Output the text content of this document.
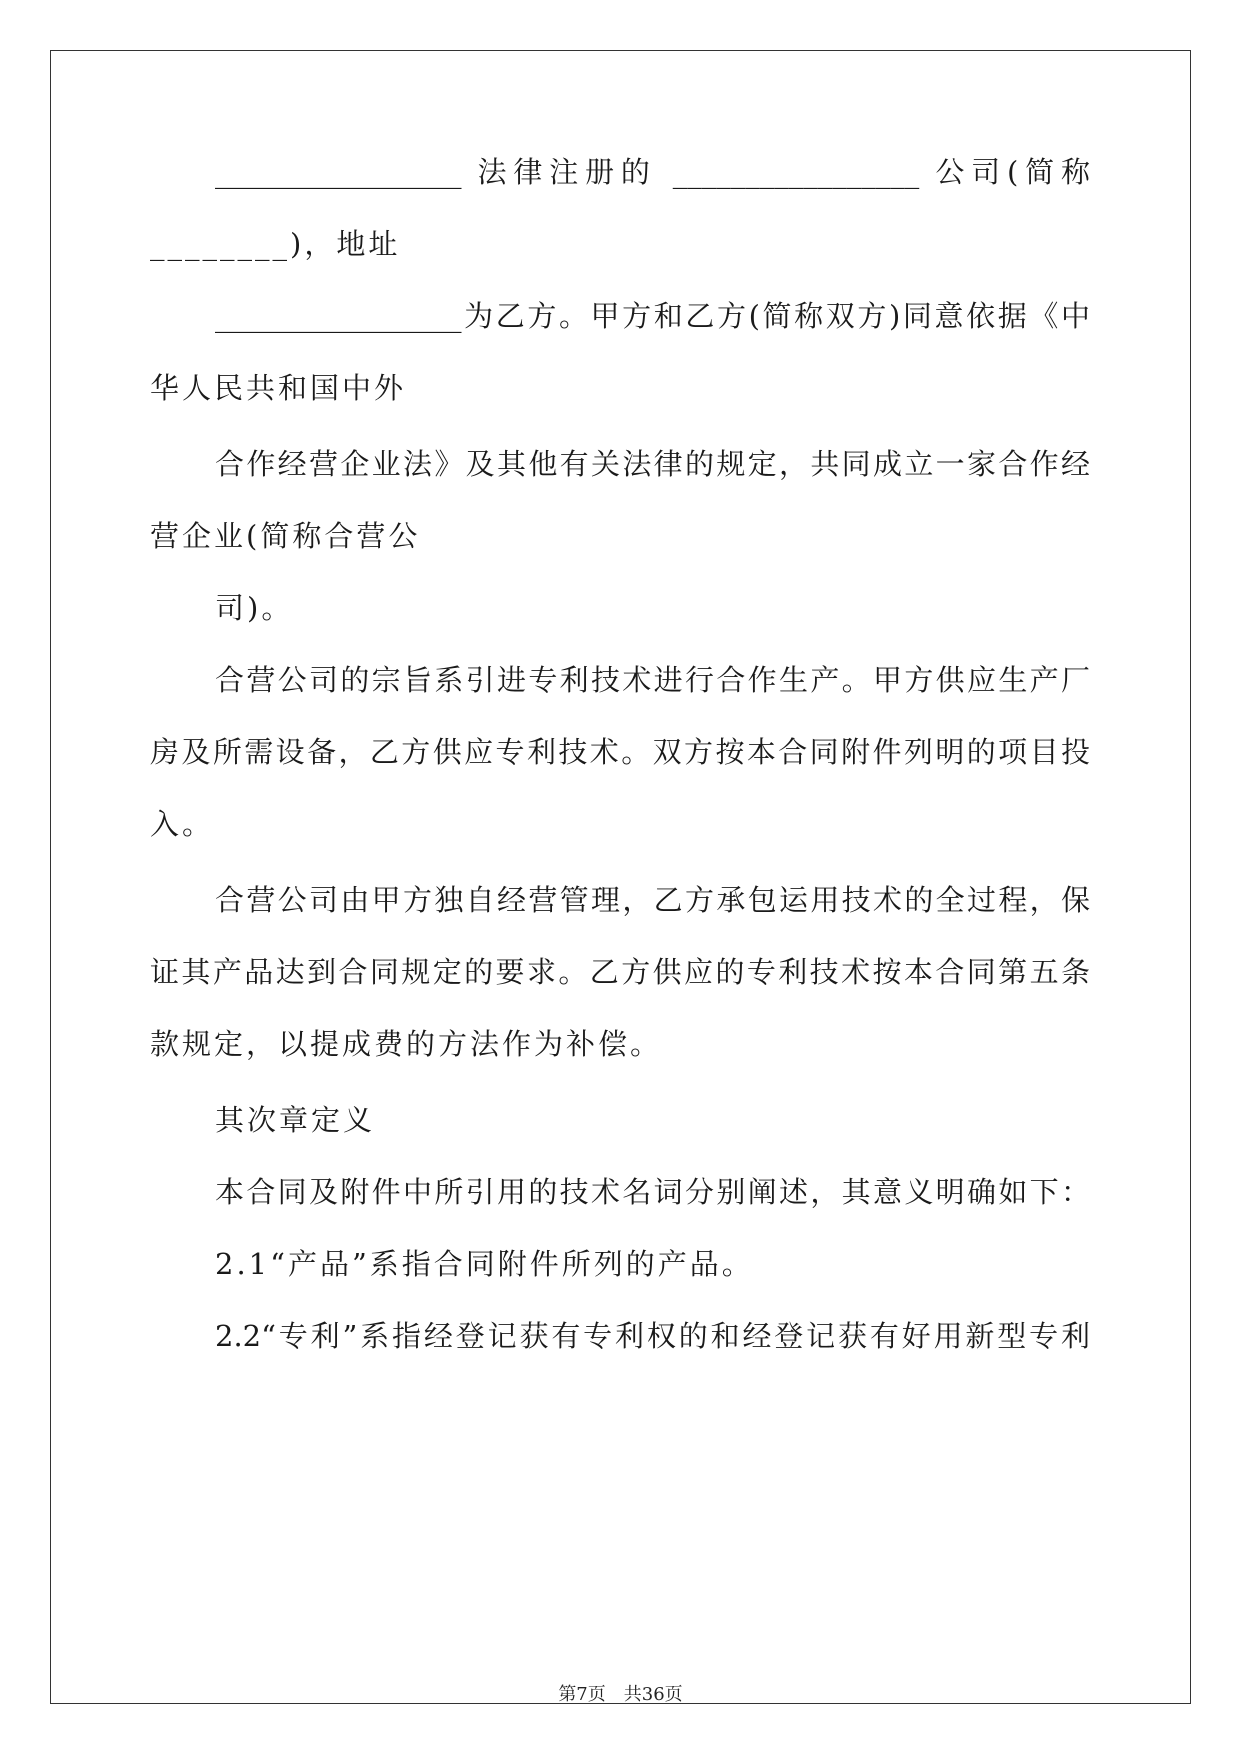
_________________ 法律注册的 _________________ 公司(简称
________)，地址
_________________为乙方。甲方和乙方(简称双方)同意依据《中
华人民共和国中外
合作经营企业法》及其他有关法律的规定，共同成立一家合作经
营企业(简称合营公
司)。
合营公司的宗旨系引进专利技术进行合作生产。甲方供应生产厂
房及所需设备，乙方供应专利技术。双方按本合同附件列明的项目投
入。
合营公司由甲方独自经营管理，乙方承包运用技术的全过程，保
证其产品达到合同规定的要求。乙方供应的专利技术按本合同第五条
款规定，以提成费的方法作为补偿。
其次章定义
本合同及附件中所引用的技术名词分别阐述，其意义明确如下：
2.1“产品”系指合同附件所列的产品。
2.2“专利”系指经登记获有专利权的和经登记获有好用新型专利
第7页　共36页
